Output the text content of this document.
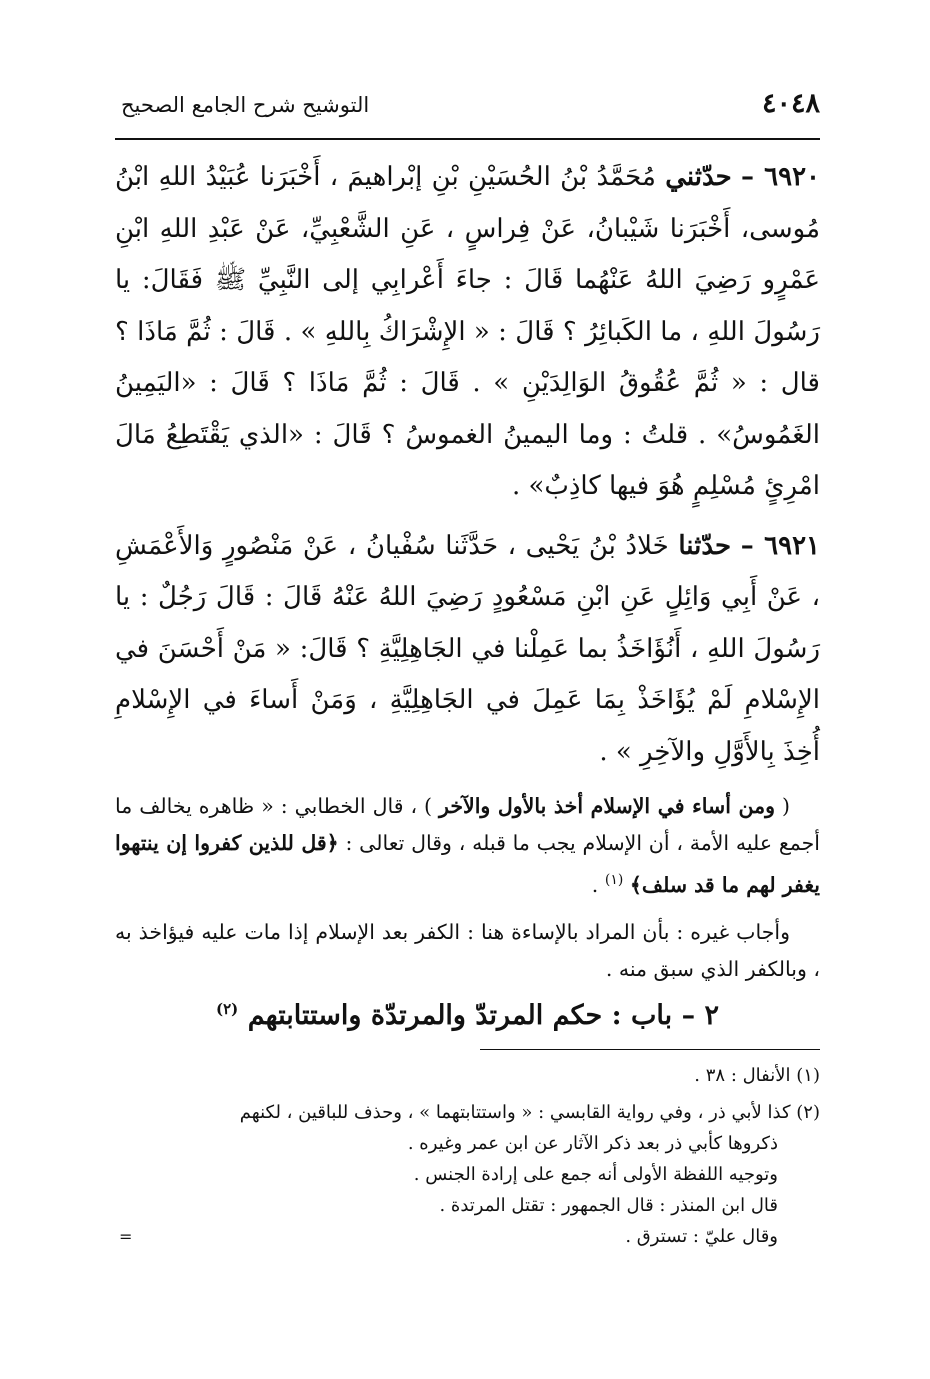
٤٠٤٨
التوشيح شرح الجامع الصحيح

٦٩٢٠ – حدّثني مُحَمَّدُ بْنُ الحُسَيْنِ بْنِ إبْراهيمَ ، أَخْبَرَنا عُبَيْدُ اللهِ ابْنُ مُوسى، أَخْبَرَنا شَيْبانُ، عَنْ فِراسٍ ، عَنِ الشَّعْبِيِّ، عَنْ عَبْدِ اللهِ ابْنِ عَمْرٍو رَضِيَ اللهُ عَنْهُما قَالَ : جاءَ أَعْرابِي إلى النَّبِيِّ ﷺ فَقَالَ: يا رَسُولَ اللهِ ، ما الكَبائِرُ ؟ قَالَ : « الإِشْرَاكُ بِاللهِ » . قَالَ : ثُمَّ مَاذَا ؟ قال : « ثُمَّ عُقُوقُ الوَالِدَيْنِ » . قَالَ : ثُمَّ مَاذَا ؟ قَالَ : «اليَمِينُ الغَمُوسُ» . قلتُ : وما اليمينُ الغموسُ ؟ قَالَ : «الذي يَقْتَطِعُ مَالَ امْرِئٍ مُسْلِمٍ هُوَ فيها كاذِبٌ» .

٦٩٢١ – حدّثنا خَلادُ بْنُ يَحْيى ، حَدَّثَنا سُفْيانُ ، عَنْ مَنْصُورٍ وَالأَعْمَشِ ، عَنْ أَبِي وَائِلٍ عَنِ ابْنِ مَسْعُودٍ رَضِيَ اللهُ عَنْهُ قَالَ : قَالَ رَجُلٌ : يا رَسُولَ اللهِ ، أَنُؤَاخَذُ بما عَمِلْنا في الجَاهِلِيَّةِ ؟ قَالَ: « مَنْ أَحْسَنَ في الإِسْلامِ لَمْ يُؤَاخَذْ بِمَا عَمِلَ في الجَاهِلِيَّةِ ، وَمَنْ أَساءَ في الإِسْلامِ أُخِذَ بِالأَوَّلِ والآخِرِ » .

( ومن أساء في الإسلام أخذ بالأول والآخر ) ، قال الخطابي : « ظاهره يخالف ما أجمع عليه الأمة ، أن الإسلام يجب ما قبله ، وقال تعالى : ﴿قل للذين كفروا إن ينتهوا يغفر لهم ما قد سلف﴾ $^{(١)}$ .

وأجاب غيره : بأن المراد بالإساءة هنا : الكفر بعد الإسلام إذا مات عليه فيؤاخذ به ، وبالكفر الذي سبق منه .

٢ – باب : حكم المرتدّ والمرتدّة واستتابتهم $^{(٢)}$

(١) الأنفال : ٣٨ .

(٢) كذا لأبي ذر ، وفي رواية القابسي : « واستتابتهما » ، وحذف للباقين ، لكنهم

ذكروها كأبي ذر بعد ذكر الآثار عن ابن عمر وغيره .

وتوجيه اللفظة الأولى أنه جمع على إرادة الجنس .

قال ابن المنذر : قال الجمهور : تقتل المرتدة .

وقال عليّ : تسترق .
=
